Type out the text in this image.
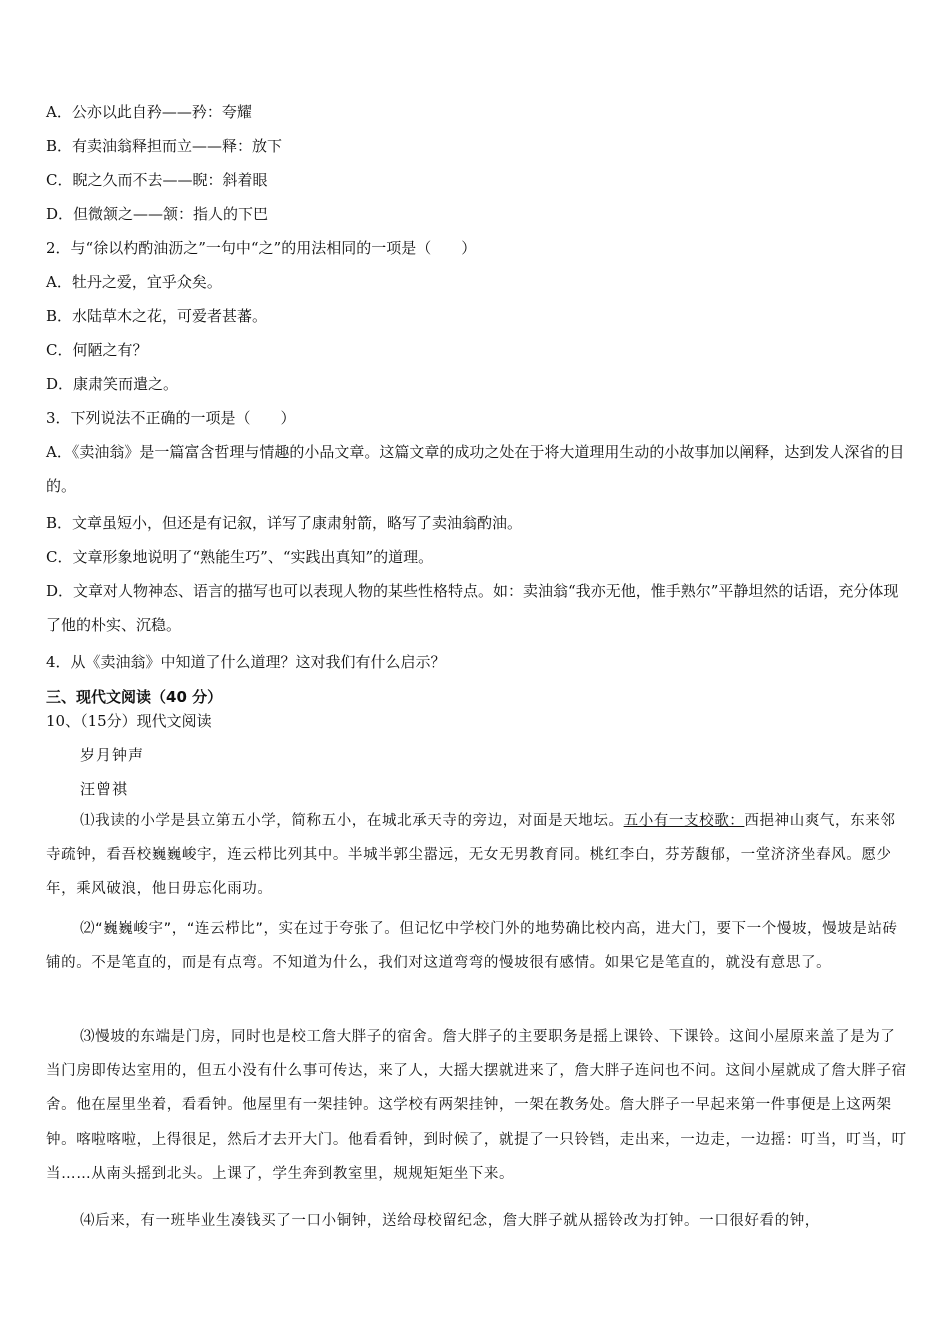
A．公亦以此自矜——矜：夸耀
B．有卖油翁释担而立——释：放下
C．睨之久而不去——睨：斜着眼
D．但微颔之——颔：指人的下巴
2．与“徐以杓酌油沥之”一句中“之”的用法相同的一项是（　　）
A．牡丹之爱，宜乎众矣。
B．水陆草木之花，可爱者甚蕃。
C．何陋之有？
D．康肃笑而遣之。
3．下列说法不正确的一项是（　　）
A．《卖油翁》是一篇富含哲理与情趣的小品文章。这篇文章的成功之处在于将大道理用生动的小故事加以阐释，达到发人深省的目的。
B．文章虽短小，但还是有记叙，详写了康肃射箭，略写了卖油翁酌油。
C．文章形象地说明了“熟能生巧”、“实践出真知”的道理。
D．文章对人物神态、语言的描写也可以表现人物的某些性格特点。如：卖油翁“我亦无他，惟手熟尔”平静坦然的话语，充分体现了他的朴实、沉稳。
4．从《卖油翁》中知道了什么道理？这对我们有什么启示？
三、现代文阅读（40 分）
10、（15分）现代文阅读
岁月钟声
汪曾祺
⑴我读的小学是县立第五小学，简称五小，在城北承天寺的旁边，对面是天地坛。五小有一支校歌：西挹神山爽气，东来邻寺疏钟，看吾校巍巍峻宇，连云栉比列其中。半城半郭尘嚣远，无女无男教育同。桃红李白，芬芳馥郁，一堂济济坐春风。愿少年，乘风破浪，他日毋忘化雨功。
⑵“巍巍峻宇”，“连云栉比”，实在过于夸张了。但记忆中学校门外的地势确比校内高，进大门，要下一个慢坡，慢坡是站砖铺的。不是笔直的，而是有点弯。不知道为什么，我们对这道弯弯的慢坡很有感情。如果它是笔直的，就没有意思了。
⑶慢坡的东端是门房，同时也是校工詹大胖子的宿舍。詹大胖子的主要职务是摇上课铃、下课铃。这间小屋原来盖了是为了当门房即传达室用的，但五小没有什么事可传达，来了人，大摇大摆就进来了，詹大胖子连问也不问。这间小屋就成了詹大胖子宿舍。他在屋里坐着，看看钟。他屋里有一架挂钟。这学校有两架挂钟，一架在教务处。詹大胖子一早起来第一件事便是上这两架钟。喀啦喀啦，上得很足，然后才去开大门。他看看钟，到时候了，就提了一只铃铛，走出来，一边走，一边摇：叮当，叮当，叮当……从南头摇到北头。上课了，学生奔到教室里，规规矩矩坐下来。
⑷后来，有一班毕业生凑钱买了一口小铜钟，送给母校留纪念，詹大胖子就从摇铃改为打钟。一口很好看的钟，
